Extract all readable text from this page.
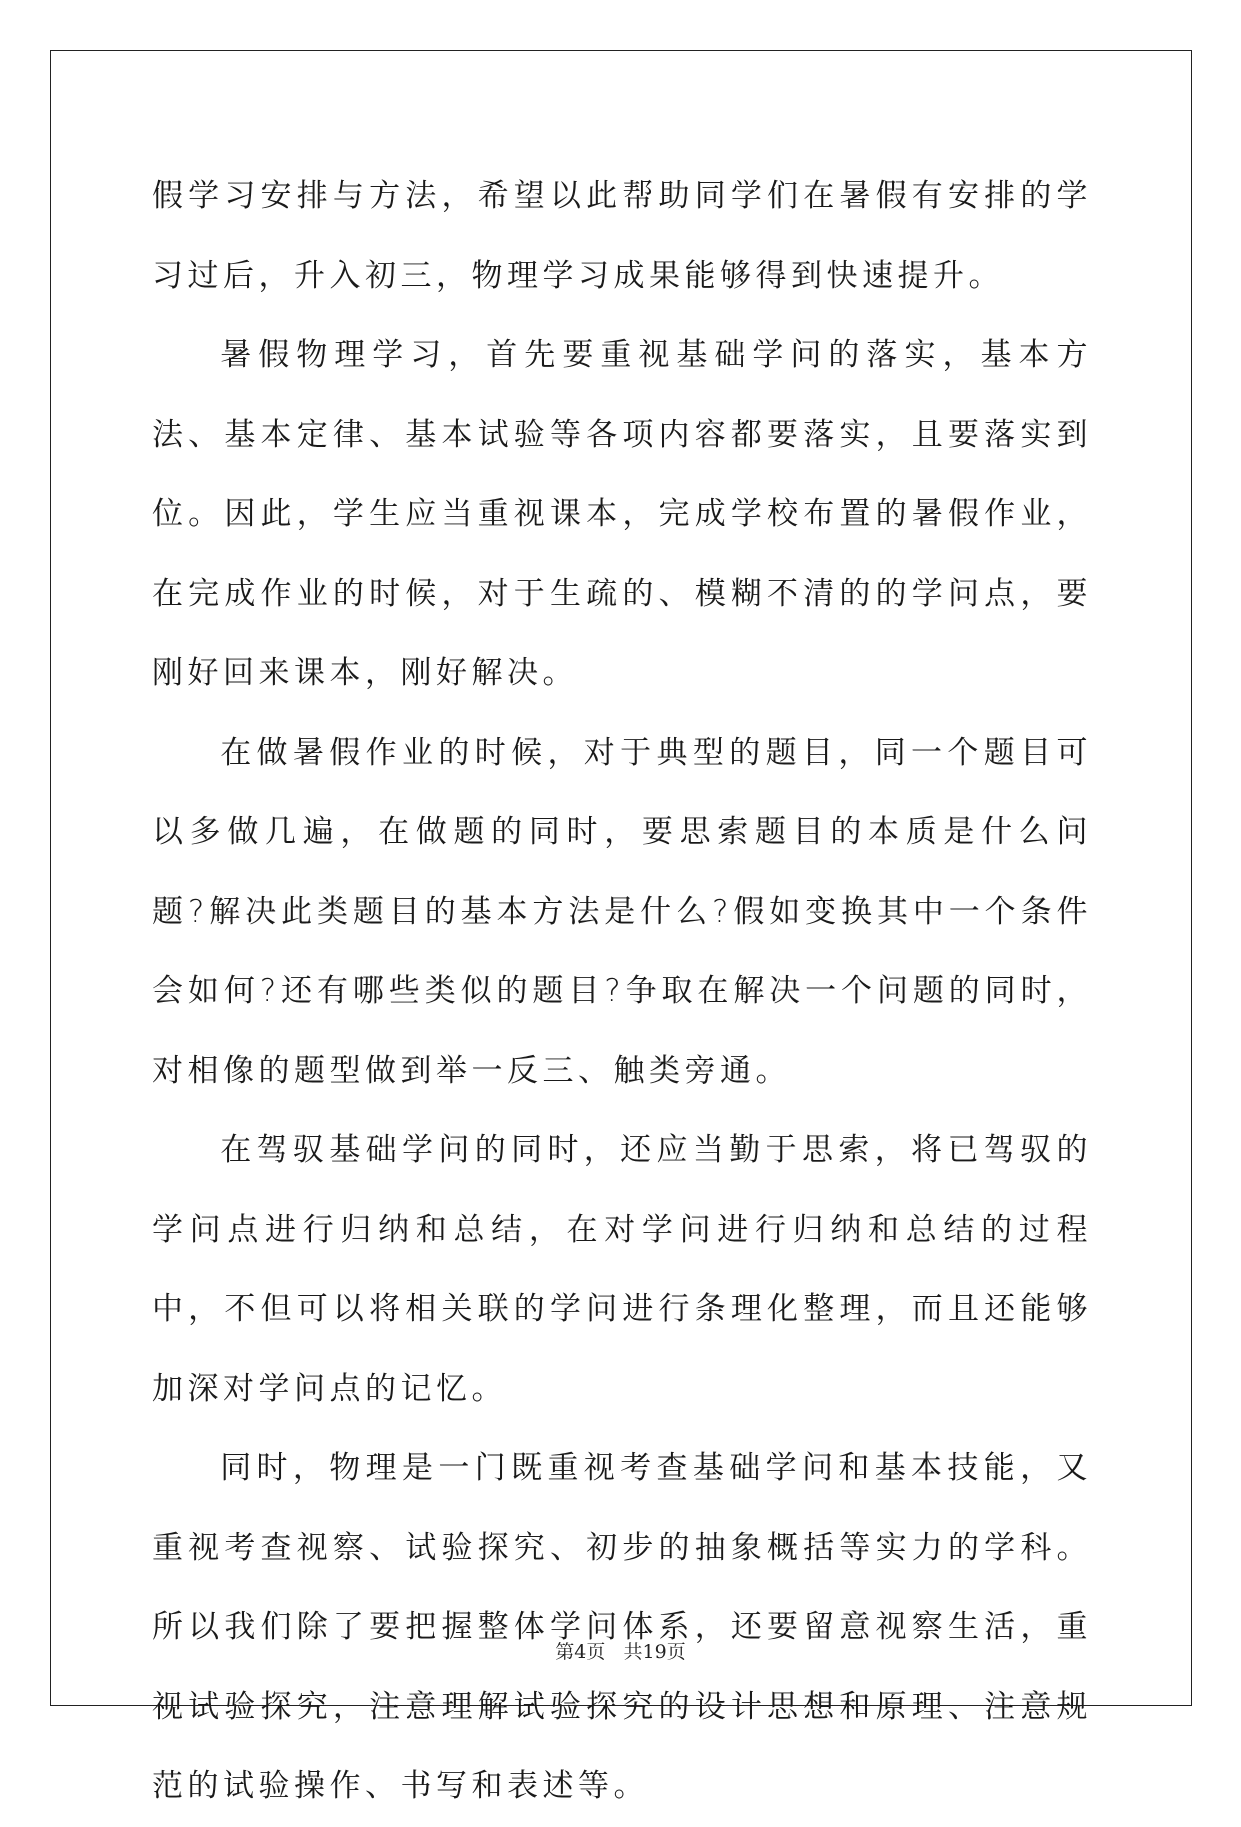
假学习安排与方法，希望以此帮助同学们在暑假有安排的学习过后，升入初三，物理学习成果能够得到快速提升。

暑假物理学习，首先要重视基础学问的落实，基本方法、基本定律、基本试验等各项内容都要落实，且要落实到位。因此，学生应当重视课本，完成学校布置的暑假作业，在完成作业的时候，对于生疏的、模糊不清的的学问点，要刚好回来课本，刚好解决。

在做暑假作业的时候，对于典型的题目，同一个题目可以多做几遍，在做题的同时，要思索题目的本质是什么问题?解决此类题目的基本方法是什么?假如变换其中一个条件会如何?还有哪些类似的题目?争取在解决一个问题的同时，对相像的题型做到举一反三、触类旁通。

在驾驭基础学问的同时，还应当勤于思索，将已驾驭的学问点进行归纳和总结，在对学问进行归纳和总结的过程中，不但可以将相关联的学问进行条理化整理，而且还能够加深对学问点的记忆。

同时，物理是一门既重视考查基础学问和基本技能，又重视考查视察、试验探究、初步的抽象概括等实力的学科。所以我们除了要把握整体学问体系，还要留意视察生活，重视试验探究，注意理解试验探究的设计思想和原理、注意规范的试验操作、书写和表述等。

第4页 共19页
